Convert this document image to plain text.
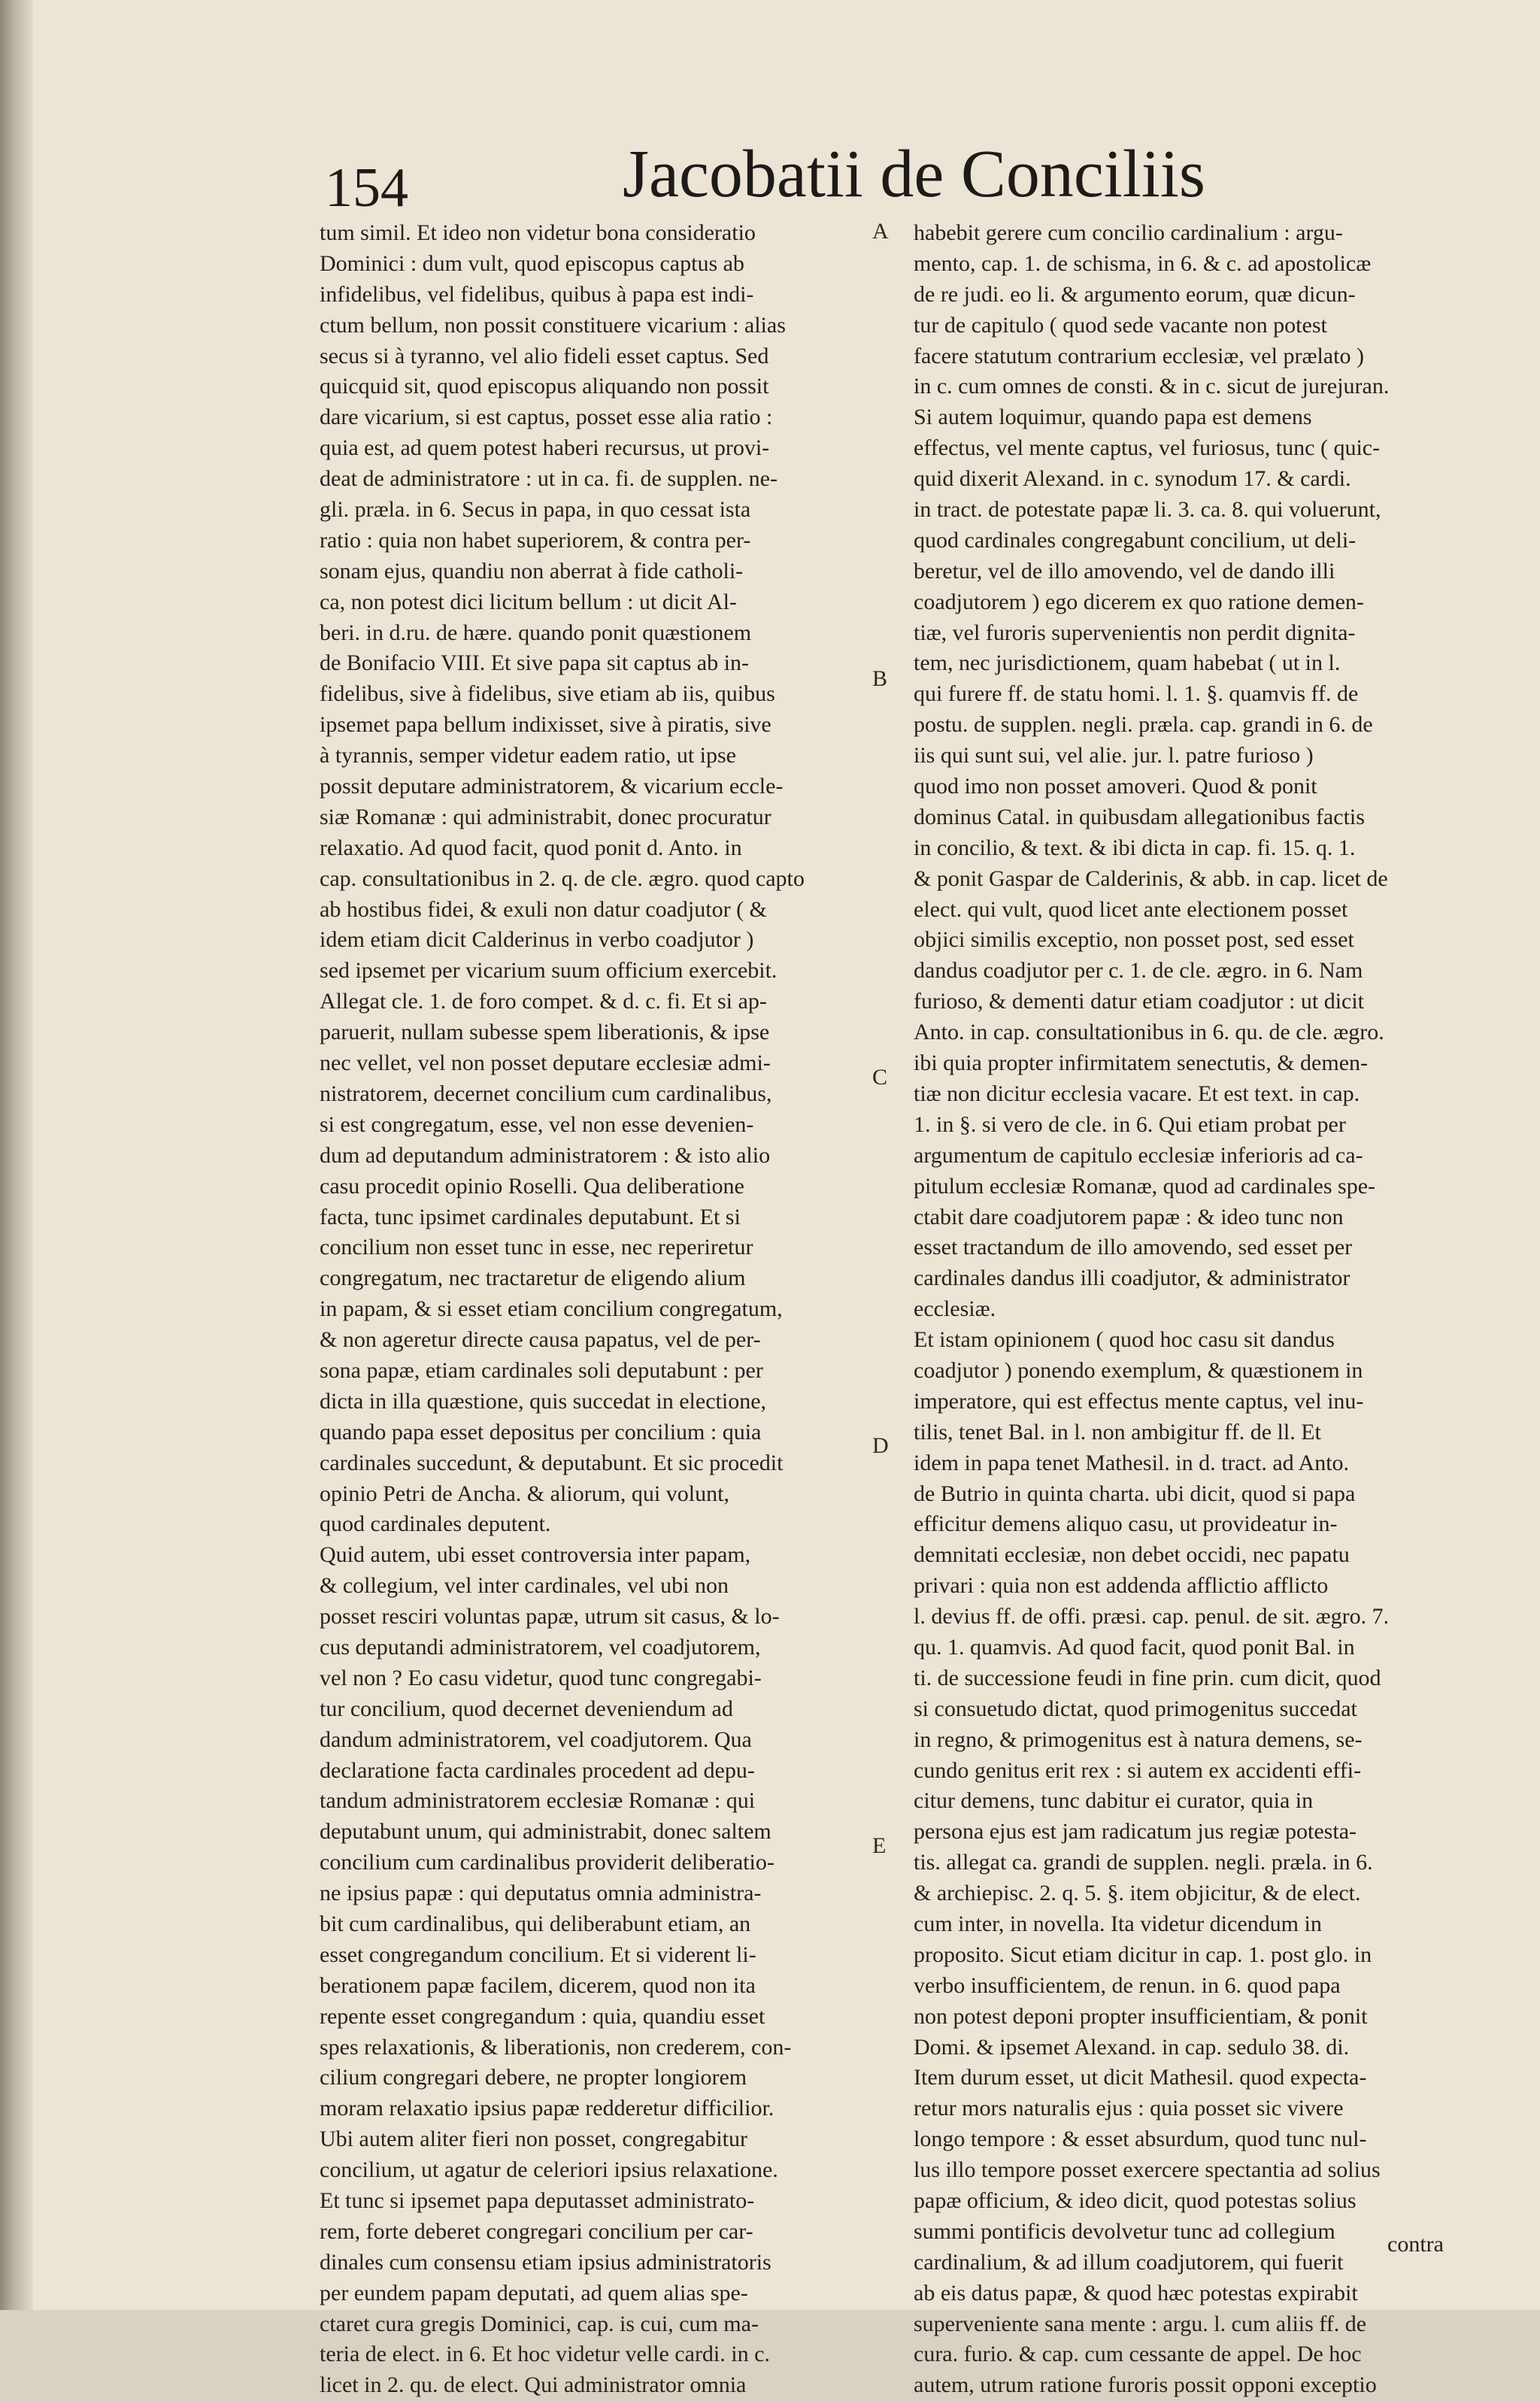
154	Jacobatii de Conciliis
tum simil. Et ideo non videtur bona consideratio
Dominici : dum vult, quod episcopus captus ab
infidelibus, vel fidelibus, quibus à papa est indi-
ctum bellum, non possit constituere vicarium : alias
secus si à tyranno, vel alio fideli esset captus. Sed
quicquid sit, quod episcopus aliquando non possit
dare vicarium, si est captus, posset esse alia ratio :
quia est, ad quem potest haberi recursus, ut provi-
deat de administratore : ut in ca. fi. de supplen. ne-
gli. præla. in 6. Secus in papa, in quo cessat ista
ratio : quia non habet superiorem, & contra per-
sonam ejus, quandiu non aberrat à fide catholi-
ca, non potest dici licitum bellum : ut dicit Al-
beri. in d.ru. de hære. quando ponit quæstionem
de Bonifacio VIII. Et sive papa sit captus ab in-
fidelibus, sive à fidelibus, sive etiam ab iis, quibus
ipsemet papa bellum indixisset, sive à piratis, sive
à tyrannis, semper videtur eadem ratio, ut ipse
possit deputare administratorem, & vicarium eccle-
siæ Romanæ : qui administrabit, donec procuratur
relaxatio. Ad quod facit, quod ponit d. Anto. in
cap. consultationibus in 2. q. de cle. ægro. quod capto
ab hostibus fidei, & exuli non datur coadjutor ( &
idem etiam dicit Calderinus in verbo coadjutor )
sed ipsemet per vicarium suum officium exercebit.
Allegat cle. 1. de foro compet. & d. c. fi. Et si ap-
paruerit, nullam subesse spem liberationis, & ipse
nec vellet, vel non posset deputare ecclesiæ admi-
nistratorem, decernet concilium cum cardinalibus,
si est congregatum, esse, vel non esse devenien-
dum ad deputandum administratorem : & isto alio
casu procedit opinio Roselli. Qua deliberatione
facta, tunc ipsimet cardinales deputabunt. Et si
concilium non esset tunc in esse, nec reperiretur
congregatum, nec tractaretur de eligendo alium
in papam, & si esset etiam concilium congregatum,
& non ageretur directe causa papatus, vel de per-
sona papæ, etiam cardinales soli deputabunt : per
dicta in illa quæstione, quis succedat in electione,
quando papa esset depositus per concilium : quia
cardinales succedunt, & deputabunt. Et sic procedit
opinio Petri de Ancha. & aliorum, qui volunt,
quod cardinales deputent.
Quid autem, ubi esset controversia inter papam,
& collegium, vel inter cardinales, vel ubi non
posset resciri voluntas papæ, utrum sit casus, & lo-
cus deputandi administratorem, vel coadjutorem,
vel non ? Eo casu videtur, quod tunc congregabi-
tur concilium, quod decernet deveniendum ad
dandum administratorem, vel coadjutorem. Qua
declaratione facta cardinales procedent ad depu-
tandum administratorem ecclesiæ Romanæ : qui
deputabunt unum, qui administrabit, donec saltem
concilium cum cardinalibus providerit deliberatio-
ne ipsius papæ : qui deputatus omnia administra-
bit cum cardinalibus, qui deliberabunt etiam, an
esset congregandum concilium. Et si viderent li-
berationem papæ facilem, dicerem, quod non ita
repente esset congregandum : quia, quandiu esset
spes relaxationis, & liberationis, non crederem, con-
cilium congregari debere, ne propter longiorem
moram relaxatio ipsius papæ redderetur difficilior.
Ubi autem aliter fieri non posset, congregabitur
concilium, ut agatur de celeriori ipsius relaxatione.
Et tunc si ipsemet papa deputasset administrato-
rem, forte deberet congregari concilium per car-
dinales cum consensu etiam ipsius administratoris
per eundem papam deputati, ad quem alias spe-
ctaret cura gregis Dominici, cap. is cui, cum ma-
teria de elect. in 6. Et hoc videtur velle cardi. in c.
licet in 2. qu. de elect. Qui administrator omnia
habebit gerere cum concilio cardinalium : argu-
mento, cap. 1. de schisma, in 6. & c. ad apostolicæ
de re judi. eo li. & argumento eorum, quæ dicun-
tur de capitulo ( quod sede vacante non potest
facere statutum contrarium ecclesiæ, vel prælato )
in c. cum omnes de consti. & in c. sicut de jurejuran.
Si autem loquimur, quando papa est demens
effectus, vel mente captus, vel furiosus, tunc ( quic-
quid dixerit Alexand. in c. synodum 17. & cardi.
in tract. de potestate papæ li. 3. ca. 8. qui voluerunt,
quod cardinales congregabunt concilium, ut deli-
beretur, vel de illo amovendo, vel de dando illi
coadjutorem ) ego dicerem ex quo ratione demen-
tiæ, vel furoris supervenientis non perdit dignita-
tem, nec jurisdictionem, quam habebat ( ut in l.
qui furere ff. de statu homi. l. 1. §. quamvis ff. de
postu. de supplen. negli. præla. cap. grandi in 6. de
iis qui sunt sui, vel alie. jur. l. patre furioso )
quod imo non posset amoveri. Quod & ponit
dominus Catal. in quibusdam allegationibus factis
in concilio, & text. & ibi dicta in cap. fi. 15. q. 1.
& ponit Gaspar de Calderinis, & abb. in cap. licet de
elect. qui vult, quod licet ante electionem posset
objici similis exceptio, non posset post, sed esset
dandus coadjutor per c. 1. de cle. ægro. in 6. Nam
furioso, & dementi datur etiam coadjutor : ut dicit
Anto. in cap. consultationibus in 6. qu. de cle. ægro.
ibi quia propter infirmitatem senectutis, & demen-
tiæ non dicitur ecclesia vacare. Et est text. in cap.
1. in §. si vero de cle. in 6. Qui etiam probat per
argumentum de capitulo ecclesiæ inferioris ad ca-
pitulum ecclesiæ Romanæ, quod ad cardinales spe-
ctabit dare coadjutorem papæ : & ideo tunc non
esset tractandum de illo amovendo, sed esset per
cardinales dandus illi coadjutor, & administrator
ecclesiæ.
Et istam opinionem ( quod hoc casu sit dandus
coadjutor ) ponendo exemplum, & quæstionem in
imperatore, qui est effectus mente captus, vel inu-
tilis, tenet Bal. in l. non ambigitur ff. de ll. Et
idem in papa tenet Mathesil. in d. tract. ad Anto.
de Butrio in quinta charta. ubi dicit, quod si papa
efficitur demens aliquo casu, ut provideatur in-
demnitati ecclesiæ, non debet occidi, nec papatu
privari : quia non est addenda afflictio afflicto
l. devius ff. de offi. præsi. cap. penul. de sit. ægro. 7.
qu. 1. quamvis. Ad quod facit, quod ponit Bal. in
ti. de successione feudi in fine prin. cum dicit, quod
si consuetudo dictat, quod primogenitus succedat
in regno, & primogenitus est à natura demens, se-
cundo genitus erit rex : si autem ex accidenti effi-
citur demens, tunc dabitur ei curator, quia in
persona ejus est jam radicatum jus regiæ potesta-
tis. allegat ca. grandi de supplen. negli. præla. in 6.
& archiepisc. 2. q. 5. §. item objicitur, & de elect.
cum inter, in novella. Ita videtur dicendum in
proposito. Sicut etiam dicitur in cap. 1. post glo. in
verbo insufficientem, de renun. in 6. quod papa
non potest deponi propter insufficientiam, & ponit
Domi. & ipsemet Alexand. in cap. sedulo 38. di.
Item durum esset, ut dicit Mathesil. quod expecta-
retur mors naturalis ejus : quia posset sic vivere
longo tempore : & esset absurdum, quod tunc nul-
lus illo tempore posset exercere spectantia ad solius
papæ officium, & ideo dicit, quod potestas solius
summi pontificis devolvetur tunc ad collegium
cardinalium, & ad illum coadjutorem, qui fuerit
ab eis datus papæ, & quod hæc potestas expirabit
superveniente sana mente : argu. l. cum aliis ff. de
cura. furio. & cap. cum cessante de appel. De hoc
autem, utrum ratione furoris possit opponi exceptio
A
B
C
D
E
contra
